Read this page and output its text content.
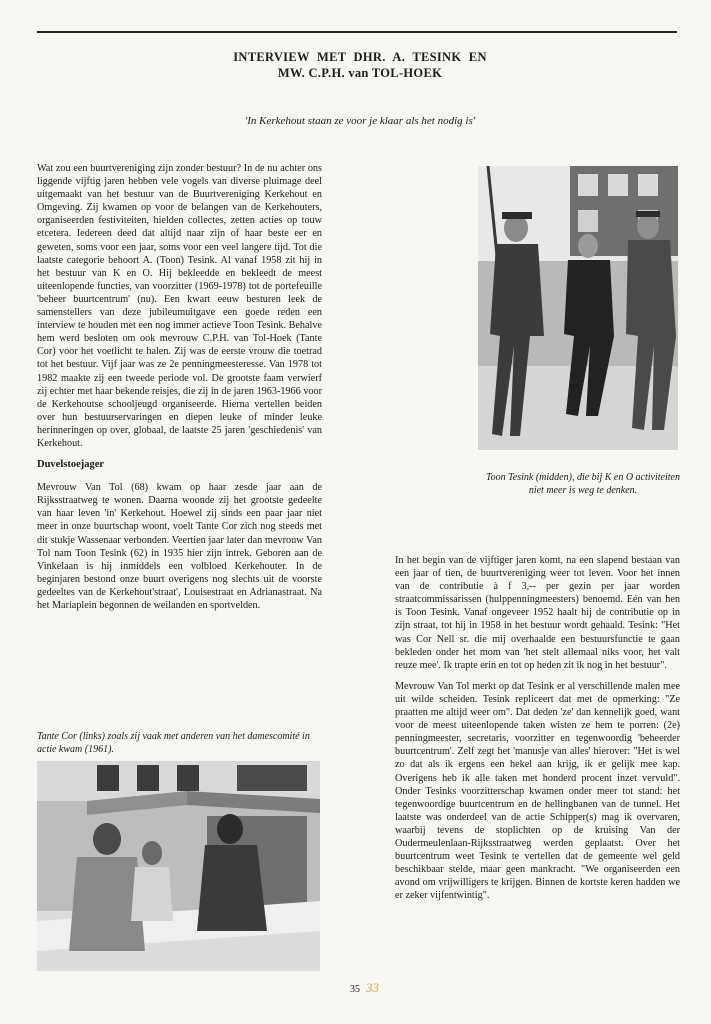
INTERVIEW MET DHR. A. TESINK EN
MW. C.P.H. van TOL-HOEK
'In Kerkehout staan ze voor je klaar als het nodig is'

Wat zou een buurtvereniging zijn zonder bestuur? In de nu achter ons liggende vijftig jaren hebben vele vogels van diverse pluimage deel uitgemaakt van het bestuur van de Buurtvereniging Kerkehout en Omgeving. Zij kwamen op voor de belangen van de Kerkehouters, organiseerden festiviteiten, hielden collectes, zetten acties op touw etcetera. Iedereen deed dat altijd naar zijn of haar beste eer en geweten, soms voor een jaar, soms voor een veel langere tijd. Tot die laatste categorie behoort A. (Toon) Tesink. Al vanaf 1958 zit hij in het bestuur van K en O. Hij bekleedde en bekleedt de meest uiteenlopende functies, van voorzitter (1969-1978) tot de portefeuille 'beheer buurtcentrum' (nu). Een kwart eeuw besturen leek de samenstellers van deze jubileumuitgave een goede reden een interview te houden met een nog immer actieve Toon Tesink. Behalve hem werd besloten om ook mevrouw C.P.H. van Tol-Hoek (Tante Cor) voor het voetlicht te halen. Zij was de eerste vrouw die toetrad tot het bestuur. Vijf jaar was ze 2e penningmeesteresse. Van 1978 tot 1982 maakte zij een tweede periode vol. De grootste faam verwierf zij echter met haar bekende reisjes, die zij in de jaren 1963-1966 voor de Kerkehoutse schooljeugd organiseerde. Hierna vertellen beiden over hun bestuurservaringen en diepen leuke of minder leuke herinneringen op over, globaal, de laatste 25 jaren 'geschiedenis' van Kerkehout.

Duvelstoejager

Mevrouw Van Tol (68) kwam op haar zesde jaar aan de Rijksstraatweg te wonen. Daarna woonde zij het grootste gedeelte van haar leven 'in' Kerkehout. Hoewel zij sinds een paar jaar niet meer in onze buurtschap woont, voelt Tante Cor zich nog steeds met dit stukje Wassenaar verbonden. Veertien jaar later dan mevrouw Van Tol nam Toon Tesink (62) in 1935 hier zijn intrek. Geboren aan de Vinkelaan is hij inmiddels een volbloed Kerkehouter. In de beginjaren bestond onze buurt overigens nog slechts uit de voorste gedeeltes van de Kerkehout'straat', Louisestraat en Adrianastraat. Na het Mariaplein begonnen de weilanden en sportvelden.

Toon Tesink (midden), die bij K en O activiteiten niet meer is weg te denken.
Tante Cor (links) zoals zij vaak met anderen van het damescomité in actie kwam (1961).

In het begin van de vijftiger jaren komt, na een slapend bestaan van een jaar of tien, de buurtvereniging weer tot leven. Voor het innen van de contributie à f 3,-- per gezin per jaar worden straatcommissarissen (hulppenningmeesters) benoemd. Eén van hen is Toon Tesink. Vanaf ongeveer 1952 haalt hij de contributie op in zijn straat, tot hij in 1958 in het bestuur wordt gehaald. Tesink: "Het was Cor Nell sr. die mij overhaalde een bestuursfunctie te gaan bekleden onder het mom van 'het stelt allemaal niks voor, het valt reuze mee'. Ik trapte erin en tot op heden zit ik nog in het bestuur".

Mevrouw Van Tol merkt op dat Tesink er al verschillende malen mee uit wilde scheiden. Tesink repliceert dat met de opmerking: "Ze praatten me altijd weer om". Dat deden 'ze' dan kennelijk goed, want voor de meest uiteenlopende taken wisten ze hem te porren: (2e) penningmeester, secretaris, voorzitter en tegenwoordig 'beheerder buurtcentrum'. Zelf zegt het 'manusje van alles' hierover: "Het is wel zo dat als ik ergens een hekel aan krijg, ik er gelijk mee kap. Overigens heb ik alle taken met honderd procent inzet vervuld". Onder Tesinks voorzitterschap kwamen onder meer tot stand: het tegenwoordige buurtcentrum en de hellingbanen van de tunnel. Het laatste was onderdeel van de actie Schipper(s) mag ik overvaren, waarbij tevens de stoplichten op de kruising Van der Oudermeulenlaan-Rijksstraatweg werden geplaatst. Over het buurtcentrum weet Tesink te vertellen dat de gemeente wel geld beschikbaar stelde, maar geen mankracht. "We organiseerden een avond om vrijwilligers te krijgen. Binnen de kortste keren hadden we er zeker vijfentwintig".

35 33
